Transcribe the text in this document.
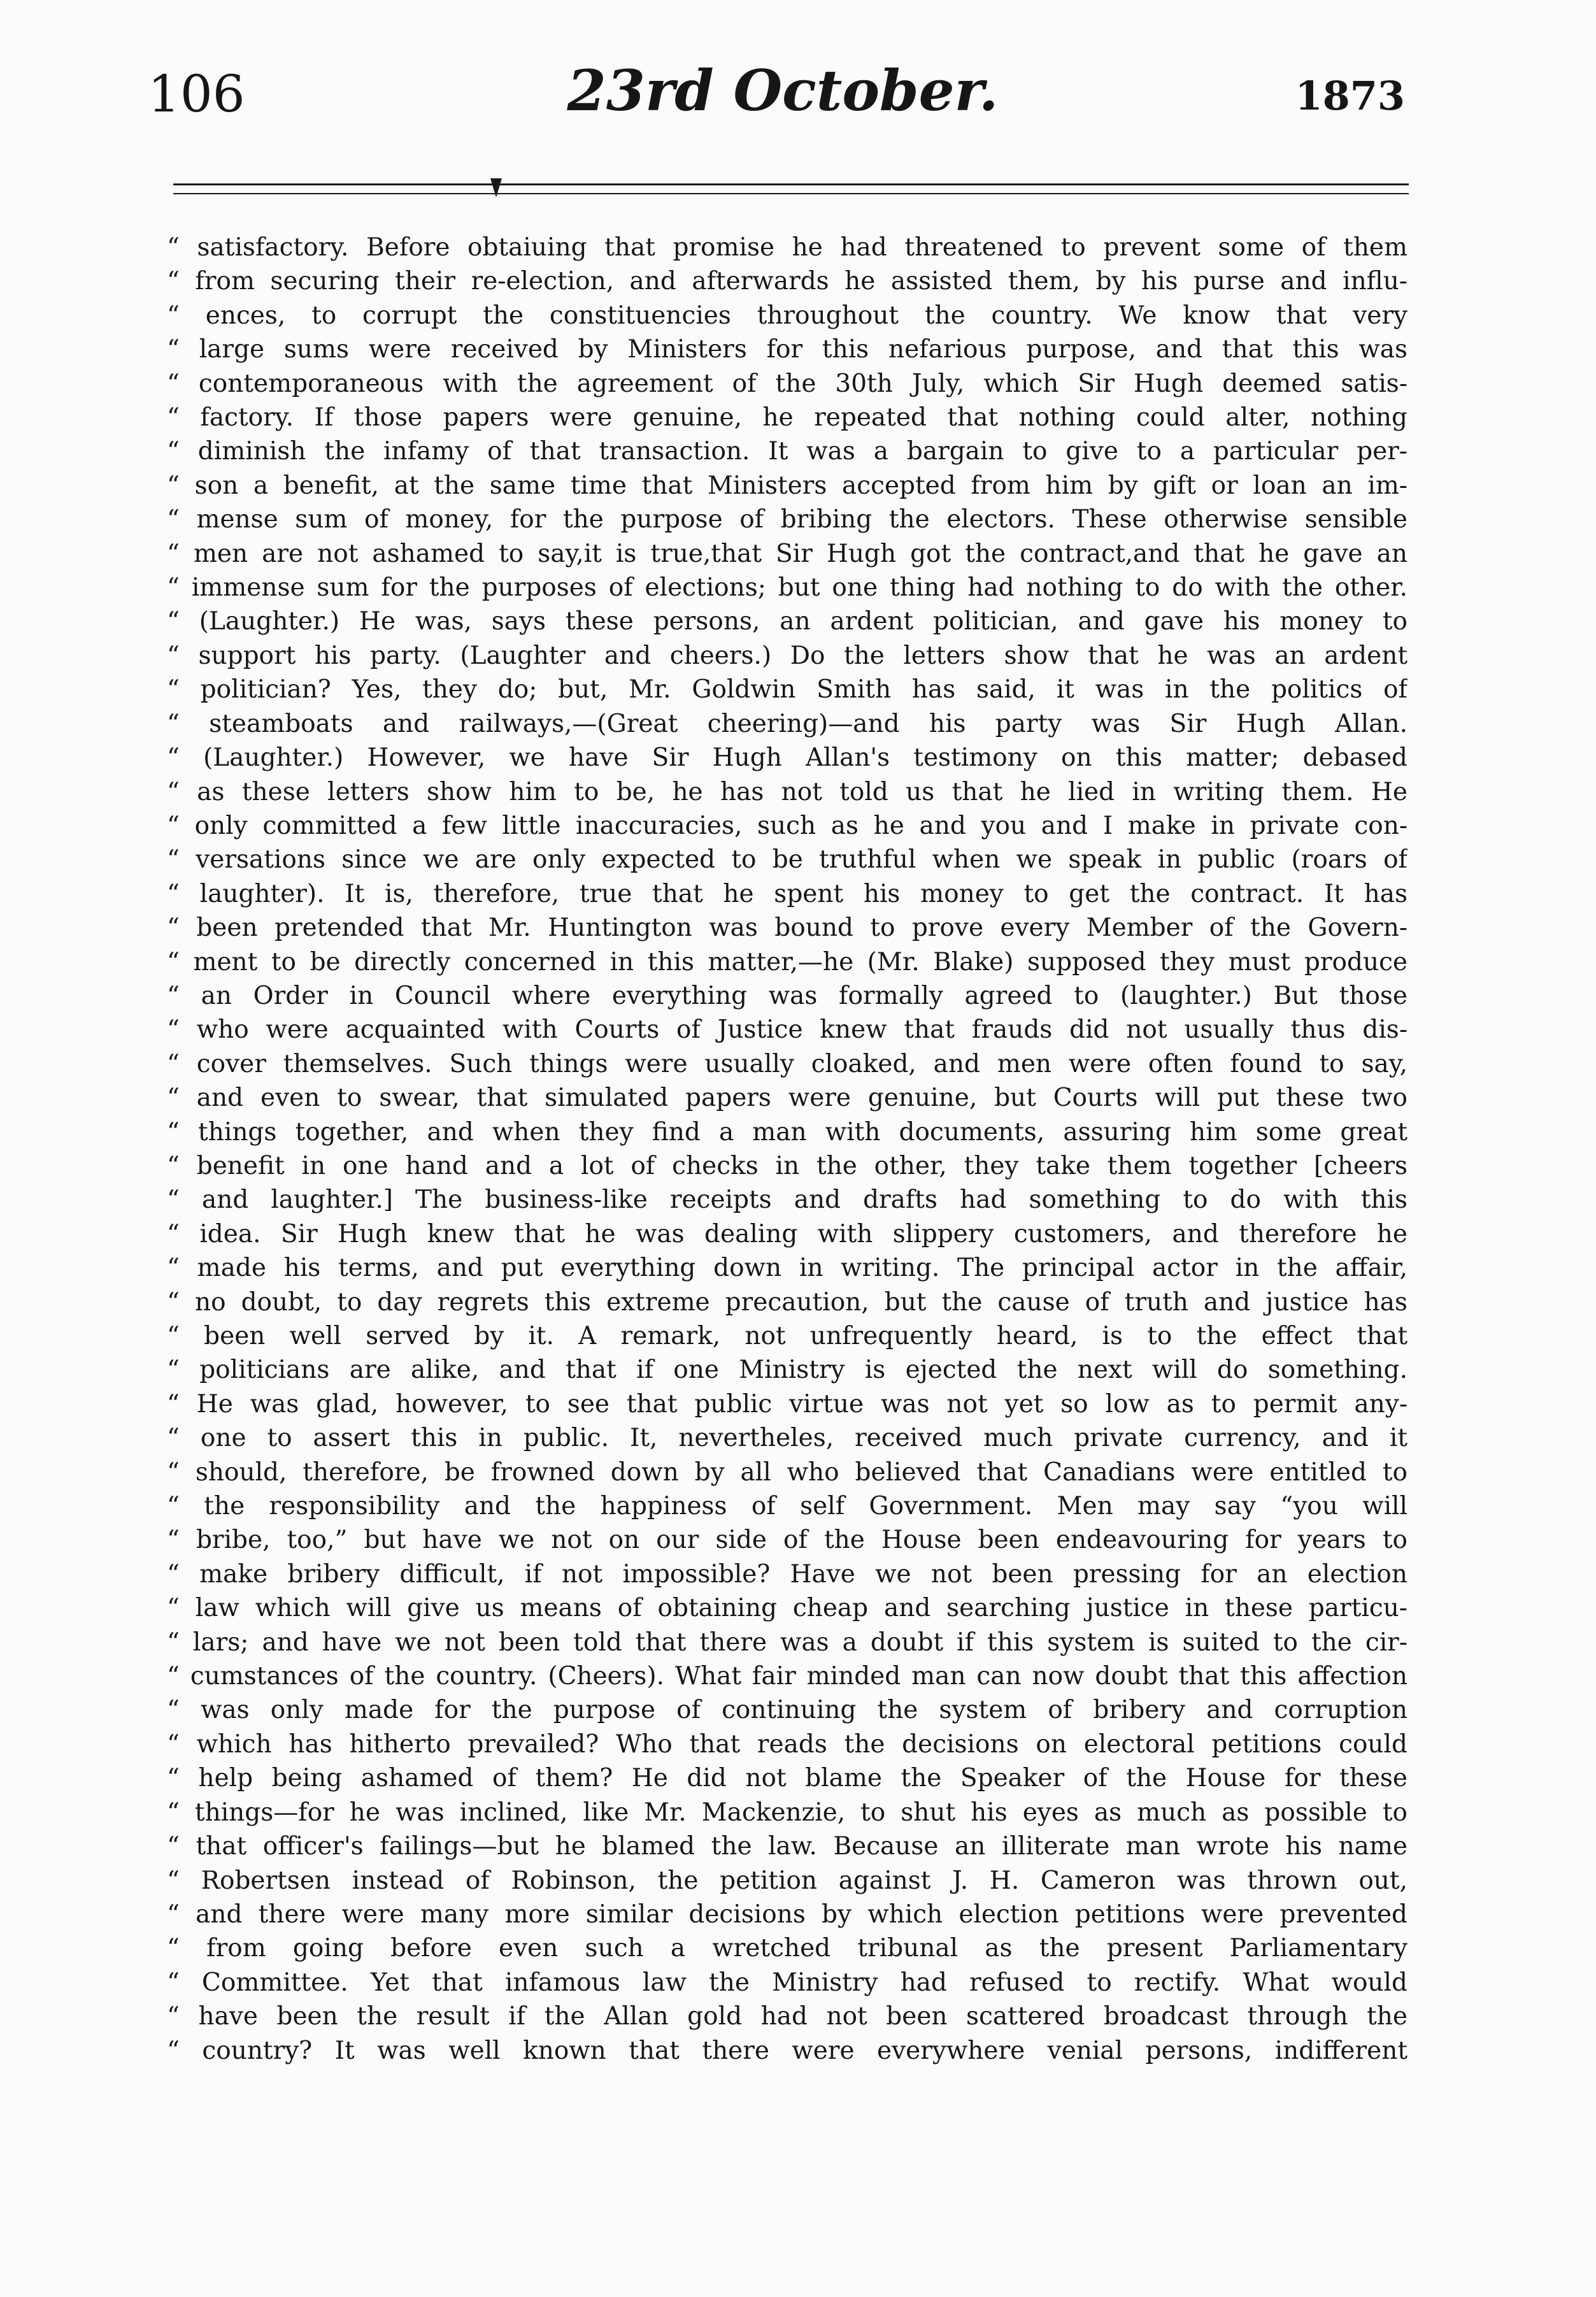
106	23rd October.	1873
“ satisfactory. Before obtaiuing that promise he had threatened to prevent some of them
“ from securing their re-election, and afterwards he assisted them, by his purse and influ-
“ ences, to corrupt the constituencies throughout the country. We know that very
“ large sums were received by Ministers for this nefarious purpose, and that this was
“ contemporaneous with the agreement of the 30th July, which Sir Hugh deemed satis-
“ factory. If those papers were genuine, he repeated that nothing could alter, nothing
“ diminish the infamy of that transaction. It was a bargain to give to a particular per-
“ son a benefit, at the same time that Ministers accepted from him by gift or loan an im-
“ mense sum of money, for the purpose of bribing the electors. These otherwise sensible
“ men are not ashamed to say,it is true,that Sir Hugh got the contract,and that he gave an
“ immense sum for the purposes of elections; but one thing had nothing to do with the other.
“ (Laughter.) He was, says these persons, an ardent politician, and gave his money to
“ support his party. (Laughter and cheers.) Do the letters show that he was an ardent
“ politician? Yes, they do; but, Mr. Goldwin Smith has said, it was in the politics of
“ steamboats and railways,—(Great cheering)—and his party was Sir Hugh Allan.
“ (Laughter.) However, we have Sir Hugh Allan's testimony on this matter; debased
“ as these letters show him to be, he has not told us that he lied in writing them. He
“ only committed a few little inaccuracies, such as he and you and I make in private con-
“ versations since we are only expected to be truthful when we speak in public (roars of
“ laughter). It is, therefore, true that he spent his money to get the contract. It has
“ been pretended that Mr. Huntington was bound to prove every Member of the Govern-
“ ment to be directly concerned in this matter,—he (Mr. Blake) supposed they must produce
“ an Order in Council where everything was formally agreed to (laughter.) But those
“ who were acquainted with Courts of Justice knew that frauds did not usually thus dis-
“ cover themselves. Such things were usually cloaked, and men were often found to say,
“ and even to swear, that simulated papers were genuine, but Courts will put these two
“ things together, and when they find a man with documents, assuring him some great
“ benefit in one hand and a lot of checks in the other, they take them together [cheers
“ and laughter.] The business-like receipts and drafts had something to do with this
“ idea. Sir Hugh knew that he was dealing with slippery customers, and therefore he
“ made his terms, and put everything down in writing. The principal actor in the affair,
“ no doubt, to day regrets this extreme precaution, but the cause of truth and justice has
“ been well served by it. A remark, not unfrequently heard, is to the effect that
“ politicians are alike, and that if one Ministry is ejected the next will do something.
“ He was glad, however, to see that public virtue was not yet so low as to permit any-
“ one to assert this in public. It, nevertheles, received much private currency, and it
“ should, therefore, be frowned down by all who believed that Canadians were entitled to
“ the responsibility and the happiness of self Government. Men may say “you will
“ bribe, too,” but have we not on our side of the House been endeavouring for years to
“ make bribery difficult, if not impossible? Have we not been pressing for an election
“ law which will give us means of obtaining cheap and searching justice in these particu-
“ lars; and have we not been told that there was a doubt if this system is suited to the cir-
“ cumstances of the country. (Cheers). What fair minded man can now doubt that this affection
“ was only made for the purpose of continuing the system of bribery and corruption
“ which has hitherto prevailed? Who that reads the decisions on electoral petitions could
“ help being ashamed of them? He did not blame the Speaker of the House for these
“ things—for he was inclined, like Mr. Mackenzie, to shut his eyes as much as possible to
“ that officer's failings—but he blamed the law. Because an illiterate man wrote his name
“ Robertsen instead of Robinson, the petition against J. H. Cameron was thrown out,
“ and there were many more similar decisions by which election petitions were prevented
“ from going before even such a wretched tribunal as the present Parliamentary
“ Committee. Yet that infamous law the Ministry had refused to rectify. What would
“ have been the result if the Allan gold had not been scattered broadcast through the
“ country? It was well known that there were everywhere venial persons, indifferent
